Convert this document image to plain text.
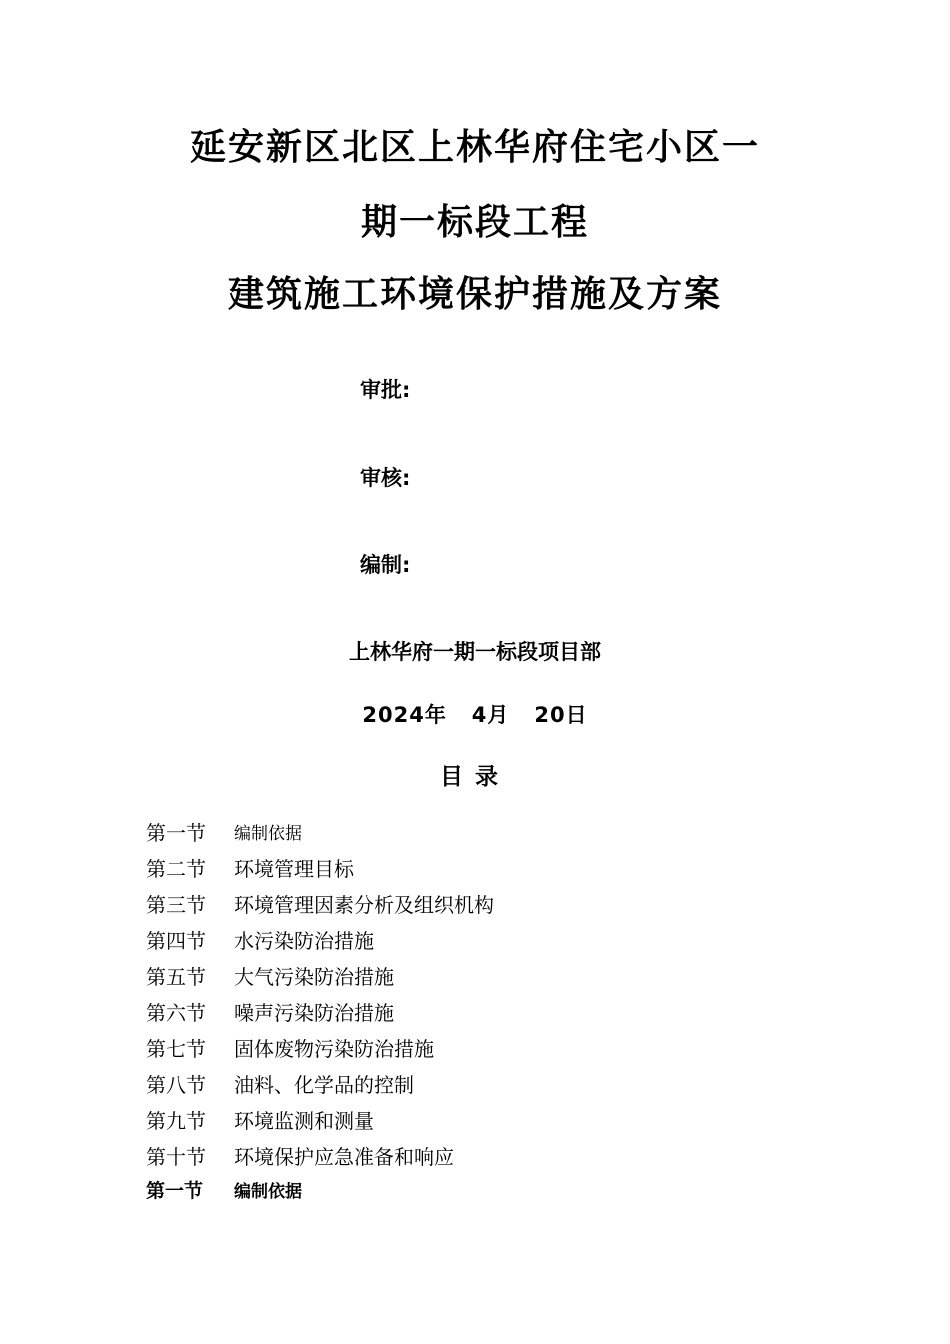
延安新区北区上林华府住宅小区一
期一标段工程
建筑施工环境保护措施及方案
审批:
审核:
编制:
上林华府一期一标段项目部
2024年 4月 20日
目录
第一节	编制依据
第二节	环境管理目标
第三节	环境管理因素分析及组织机构
第四节	水污染防治措施
第五节	大气污染防治措施
第六节	噪声污染防治措施
第七节	固体废物污染防治措施
第八节	油料、化学品的控制
第九节	环境监测和测量
第十节	环境保护应急准备和响应
第一节	编制依据
